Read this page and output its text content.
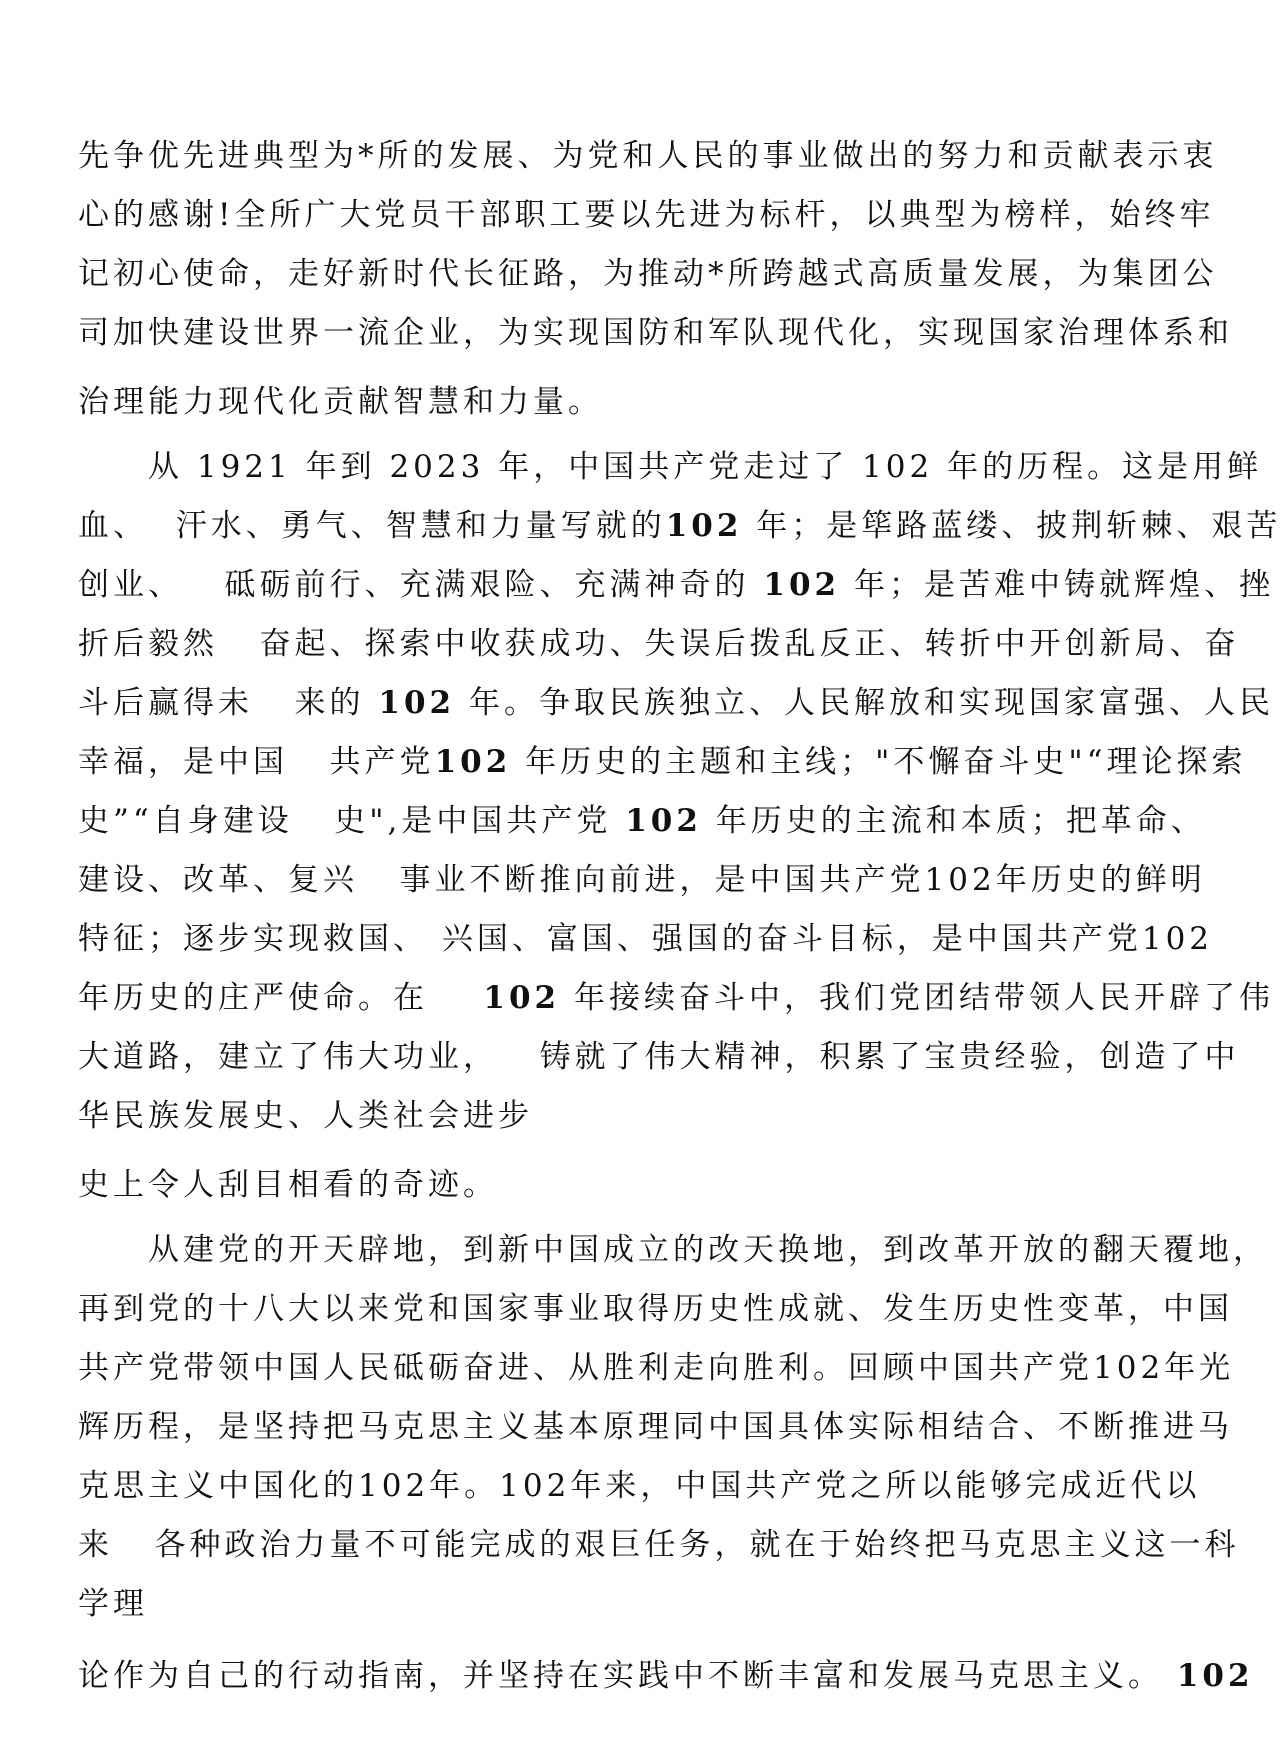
先争优先进典型为*所的发展、为党和人民的事业做出的努力和贡献表示衷
心的感谢!全所广大党员干部职工要以先进为标杆，以典型为榜样，始终牢
记初心使命，走好新时代长征路，为推动*所跨越式高质量发展，为集团公
司加快建设世界一流企业，为实现国防和军队现代化，实现国家治理体系和
治理能力现代化贡献智慧和力量。
　　从 1921 年到 2023 年，中国共产党走过了 102 年的历程。这是用鲜
血、  汗水、勇气、智慧和力量写就的102 年；是筚路蓝缕、披荆斩棘、艰苦
创业、   砥砺前行、充满艰险、充满神奇的 102 年；是苦难中铸就辉煌、挫
折后毅然   奋起、探索中收获成功、失误后拨乱反正、转折中开创新局、奋
斗后赢得未   来的 102 年。争取民族独立、人民解放和实现国家富强、人民
幸福，是中国   共产党102 年历史的主题和主线；"不懈奋斗史"“理论探索
史”“自身建设   史",是中国共产党 102 年历史的主流和本质；把革命、
建设、改革、复兴   事业不断推向前进，是中国共产党102年历史的鲜明
特征；逐步实现救国、 兴国、富国、强国的奋斗目标，是中国共产党102
年历史的庄严使命。在    102 年接续奋斗中，我们党团结带领人民开辟了伟
大道路，建立了伟大功业，   铸就了伟大精神，积累了宝贵经验，创造了中
华民族发展史、人类社会进步
史上令人刮目相看的奇迹。
　　从建党的开天辟地，到新中国成立的改天换地，到改革开放的翻天覆地，
再到党的十八大以来党和国家事业取得历史性成就、发生历史性变革，中国
共产党带领中国人民砥砺奋进、从胜利走向胜利。回顾中国共产党102年光
辉历程，是坚持把马克思主义基本原理同中国具体实际相结合、不断推进马
克思主义中国化的102年。102年来，中国共产党之所以能够完成近代以
来   各种政治力量不可能完成的艰巨任务，就在于始终把马克思主义这一科
学理
论作为自己的行动指南，并坚持在实践中不断丰富和发展马克思主义。 102
